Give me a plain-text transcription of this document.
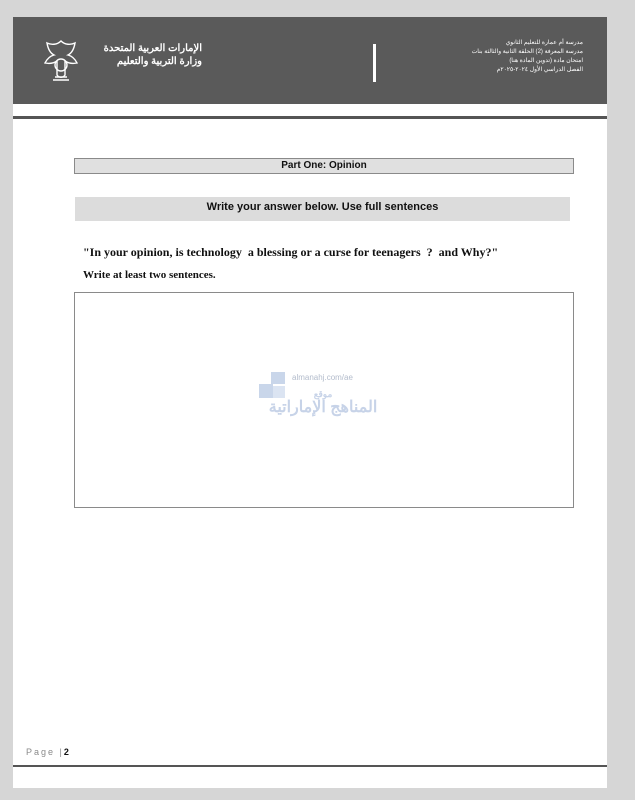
الإمارات العربية المتحدة
وزارة التربية والتعليم
مدرسة أم عمارة للتعليم الثانوي
مدرسة المعرفة (2) الحلقة الثانية والثالثة بنات
امتحان مادة (تدوين المادة هنا)
الفصل الدراسي الأول ٢٠٢٤-٢٠٢٥م
Part One: Opinion
Write your answer below. Use full sentences
"In your opinion, is technology  a blessing or a curse for teenagers  ?  and Why?"
Write at least two sentences.
almanahj.com/ae
موقع
المناهج الإماراتية
Page |2
